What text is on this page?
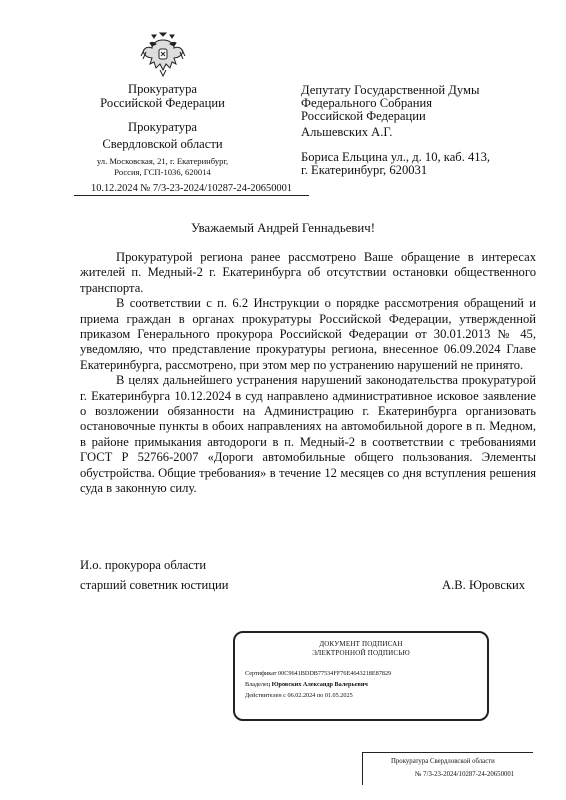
Прокуратура
Российской Федерации
Прокуратура
Свердловской области
ул. Московская, 21, г. Екатеринбург,
Россия, ГСП-1036, 620014
10.12.2024 № 7/3-23-2024/10287-24-20650001
Депутату Государственной Думы
Федерального Собрания
Российской Федерации
Альшевских А.Г.
Бориса Ельцина ул., д. 10, каб. 413,
г. Екатеринбург, 620031
Уважаемый Андрей Геннадьевич!

Прокуратурой региона ранее рассмотрено Ваше обращение в интересах жителей п. Медный-2 г. Екатеринбурга об отсутствии остановки общественного транспорта.

В соответствии с п. 6.2 Инструкции о порядке рассмотрения обращений и приема граждан в органах прокуратуры Российской Федерации, утвержденной приказом Генерального прокурора Российской Федерации от 30.01.2013 № 45, уведомляю, что представление прокуратуры региона, внесенное 06.09.2024 Главе Екатеринбурга, рассмотрено, при этом мер по устранению нарушений не принято.

В целях дальнейшего устранения нарушений законодательства прокуратурой г. Екатеринбурга 10.12.2024 в суд направлено административное исковое заявление о возложении обязанности на Администрацию г. Екатеринбурга организовать остановочные пункты в обоих направлениях на автомобильной дороге в п. Медном, в районе примыкания автодороги в п. Медный-2 в соответствии с требованиями ГОСТ Р 52766-2007 «Дороги автомобильные общего пользования. Элементы обустройства. Общие требования» в течение 12 месяцев со дня вступления решения суда в законную силу.

И.о. прокурора области
старший советник юстиции	А.В. Юровских
ДОКУМЕНТ ПОДПИСАН
ЭЛЕКТРОННОЙ ПОДПИСЬЮ
Сертификат 00C9641BDDB77534FF76E4643218E87829
Владелец Юровских Александр Валерьевич
Действителен с 06.02.2024 по 01.05.2025
Прокуратура Свердловской области
№ 7/3-23-2024/10287-24-20650001
